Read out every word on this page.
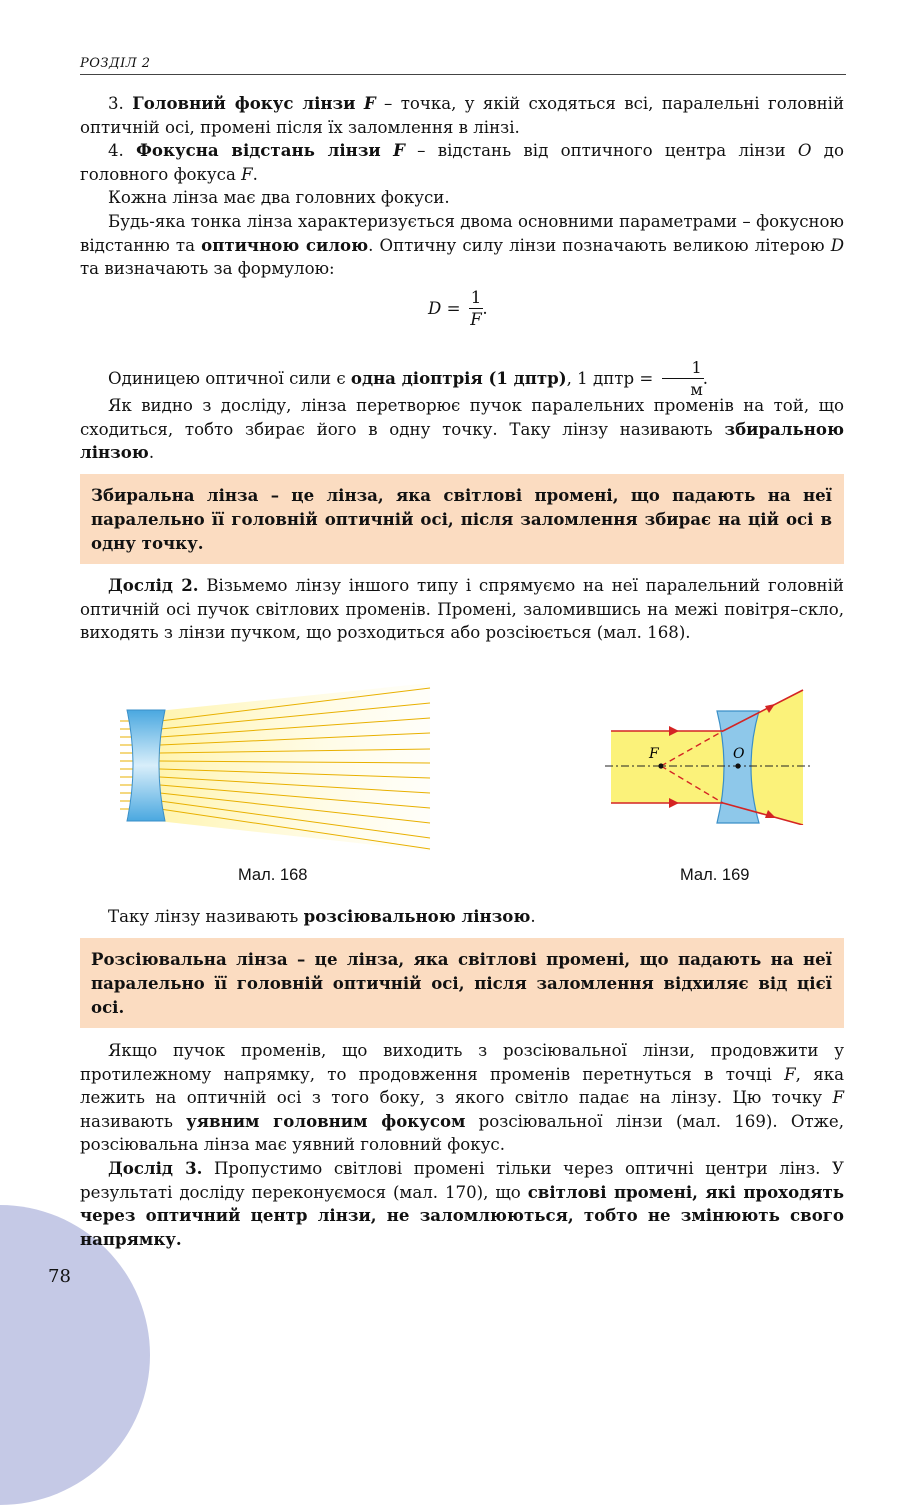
РОЗДІЛ 2

3. Головний фокус лінзи F – точка, у якій сходяться всі, паралельні головній оптичній осі, промені після їх заломлення в лінзі.

4. Фокусна відстань лінзи F – відстань від оптичного центра лінзи O до головного фокуса F.

Кожна лінза має два головних фокуси.

Будь-яка тонка лінза характеризується двома основними параметрами – фокусною відстанню та оптичною силою. Оптичну силу лінзи позначають великою літерою D та визначають за формулою:

$D = \frac{1}{F}$ .

Одиницею оптичної сили є одна діоптрія (1 дптр), 1 дптр = $\frac{1}{м}$ .

Як видно з досліду, лінза перетворює пучок паралельних променів на той, що сходиться, тобто збирає його в одну точку. Таку лінзу називають збиральною лінзою.

Збиральна лінза – це лінза, яка світлові промені, що падають на неї паралельно її головній оптичній осі, після заломлення збирає на цій осі в одну точку.

Дослід 2. Візьмемо лінзу іншого типу і спрямуємо на неї паралельний головній оптичній осі пучок світлових променів. Промені, заломившись на межі повітря–скло, виходять з лінзи пучком, що розходиться або розсіюється (мал. 168).

Мал. 168
F	O
Мал. 169

Таку лінзу називають розсіювальною лінзою.

Розсіювальна лінза – це лінза, яка світлові промені, що падають на неї паралельно її головній оптичній осі, після заломлення відхиляє від цієї осі.

Якщо пучок променів, що виходить з розсіювальної лінзи, продовжити у протилежному напрямку, то продовження променів перетнуться в точці F, яка лежить на оптичній осі з того боку, з якого світло падає на лінзу. Цю точку F називають уявним головним фокусом розсіювальної лінзи (мал. 169). Отже, розсіювальна лінза має уявний головний фокус.

Дослід 3. Пропустимо світлові промені тільки через оптичні центри лінз. У результаті досліду переконуємося (мал. 170), що світлові промені, які проходять через оптичний центр лінзи, не заломлюються, тобто не змінюють свого напрямку.

78
